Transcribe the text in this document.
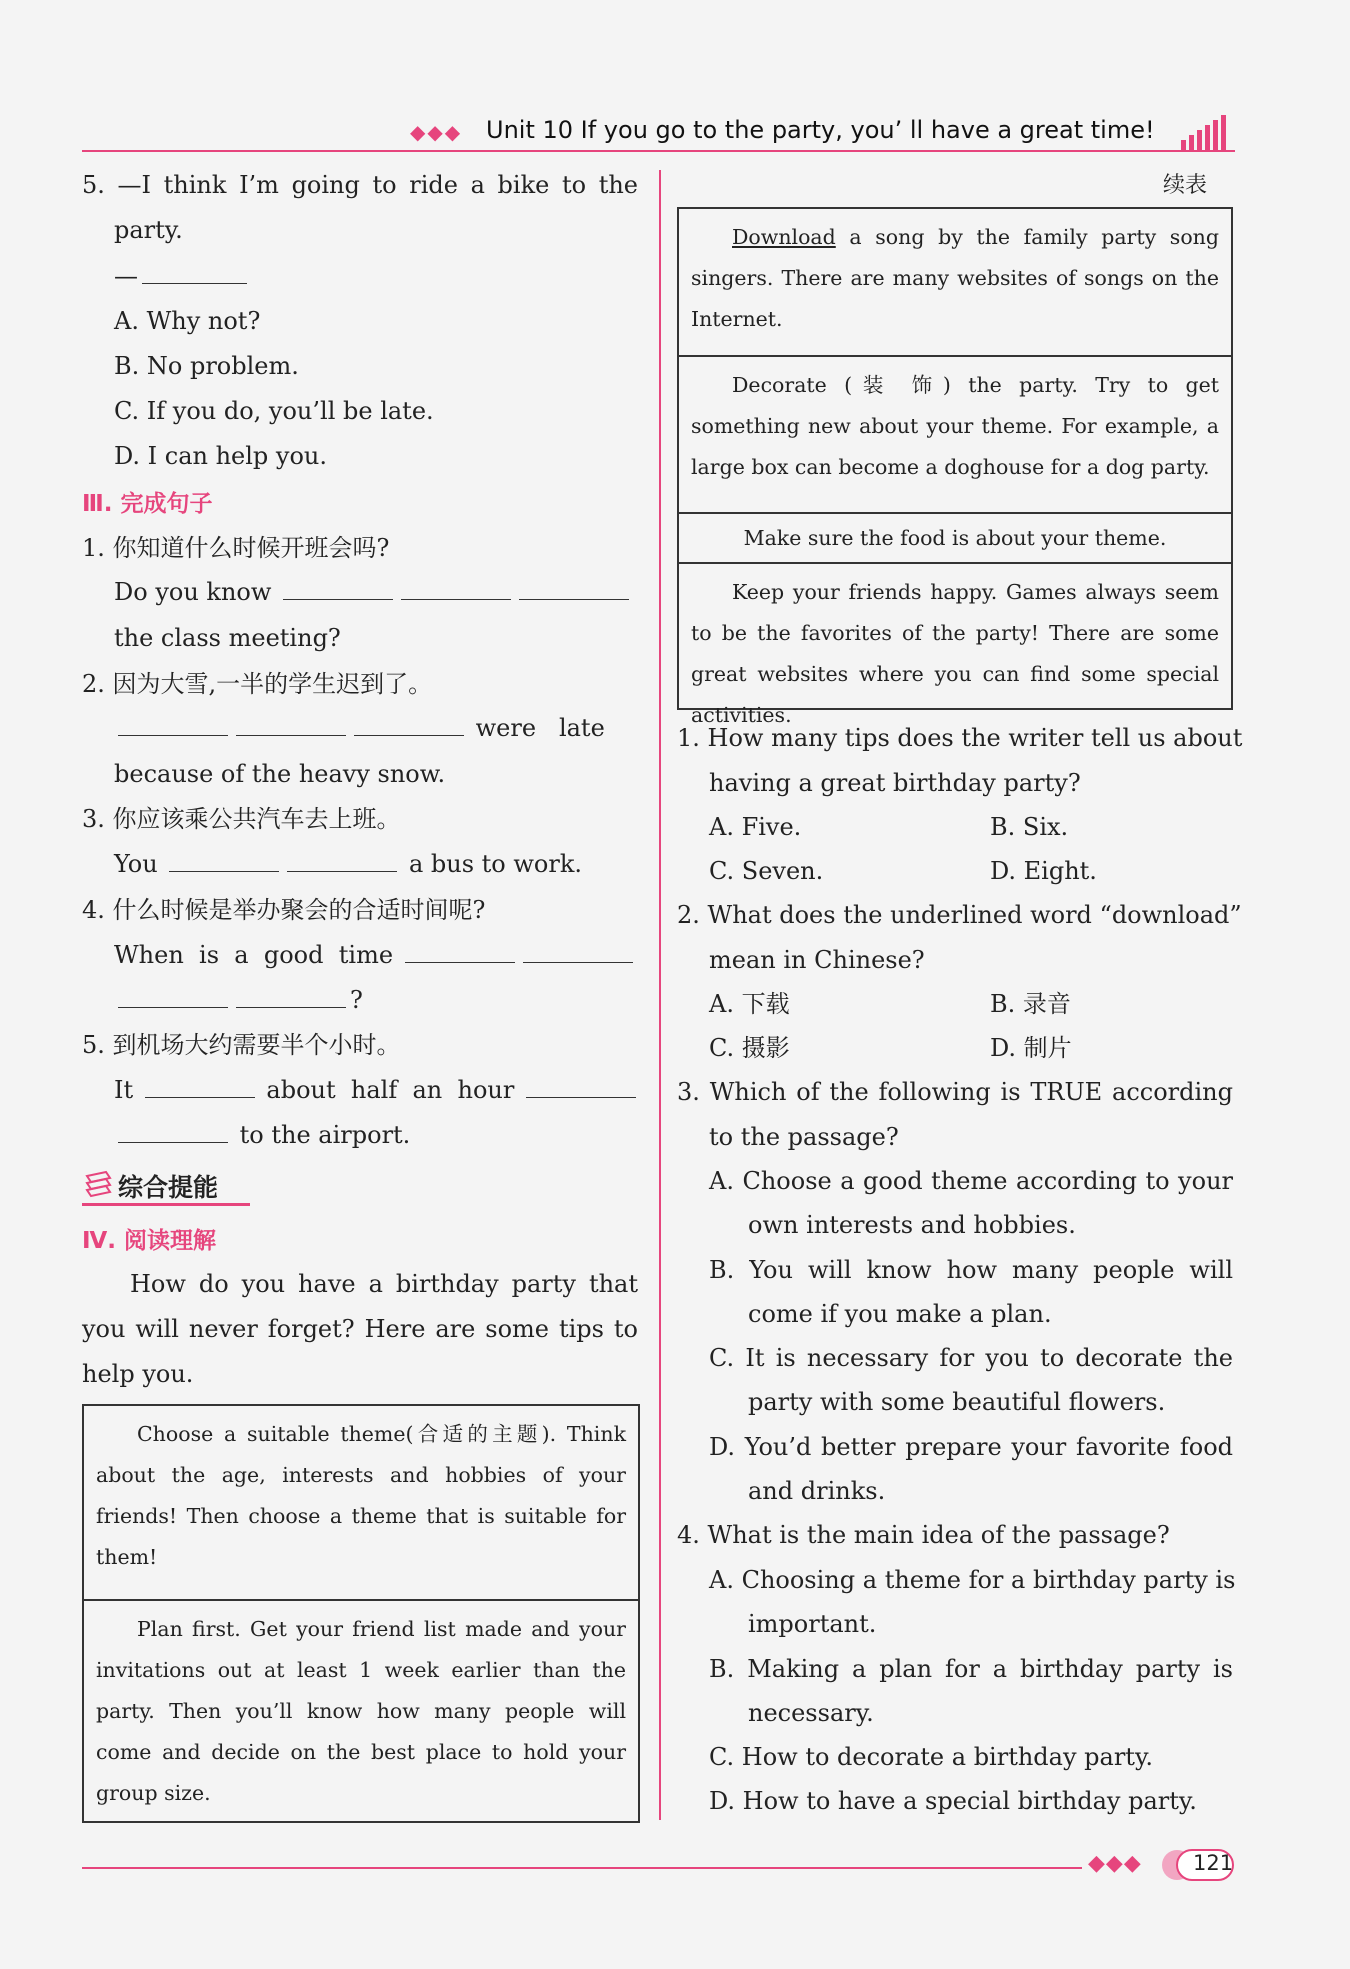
◆◆◆ Unit 10 If you go to the party, you’ ll have a great time!
5. —I think I’m going to ride a bike to the
party.
—
A. Why not?
B. No problem.
C. If you do, you’ll be late.
D. I can help you.
Ⅲ. 完成句子
1. 你知道什么时候开班会吗?
Do you know
the class meeting?
2. 因为大雪,一半的学生迟到了。
were   late
because of the heavy snow.
3. 你应该乘公共汽车去上班。
You	a bus to work.
4. 什么时候是举办聚会的合适时间呢?
When  is  a  good  time
?
5. 到机场大约需要半个小时。
It	about  half  an  hour
to the airport.
综合提能
Ⅳ. 阅读理解
How do you have a birthday party that you will never forget? Here are some tips to help you.
Choose a suitable theme(合适的主题). Think about the age, interests and hobbies of your friends! Then choose a theme that is suitable for them!
Plan first. Get your friend list made and your invitations out at least 1 week earlier than the party. Then you’ll know how many people will come and decide on the best place to hold your group size.
续表
Download a song by the family party song singers. There are many websites of songs on the Internet.
Decorate (装 饰) the party. Try to get something new about your theme. For example, a large box can become a doghouse for a dog party.
Make sure the food is about your theme.
Keep your friends happy. Games always seem to be the favorites of the party! There are some great websites where you can find some special activities.
1. How many tips does the writer tell us about
having a great birthday party?
A. Five.	B. Six.
C. Seven.	D. Eight.
2. What does the underlined word “download”
mean in Chinese?
A. 下载	B. 录音
C. 摄影	D. 制片
3. Which of the following is TRUE according
to the passage?
A. Choose a good theme according to your
own interests and hobbies.
B. You will know how many people will
come if you make a plan.
C. It is necessary for you to decorate the
party with some beautiful flowers.
D. You’d better prepare your favorite food
and drinks.
4. What is the main idea of the passage?
A. Choosing a theme for a birthday party is
important.
B. Making a plan for a birthday party is
necessary.
C. How to decorate a birthday party.
D. How to have a special birthday party.
◆◆◆ 121
